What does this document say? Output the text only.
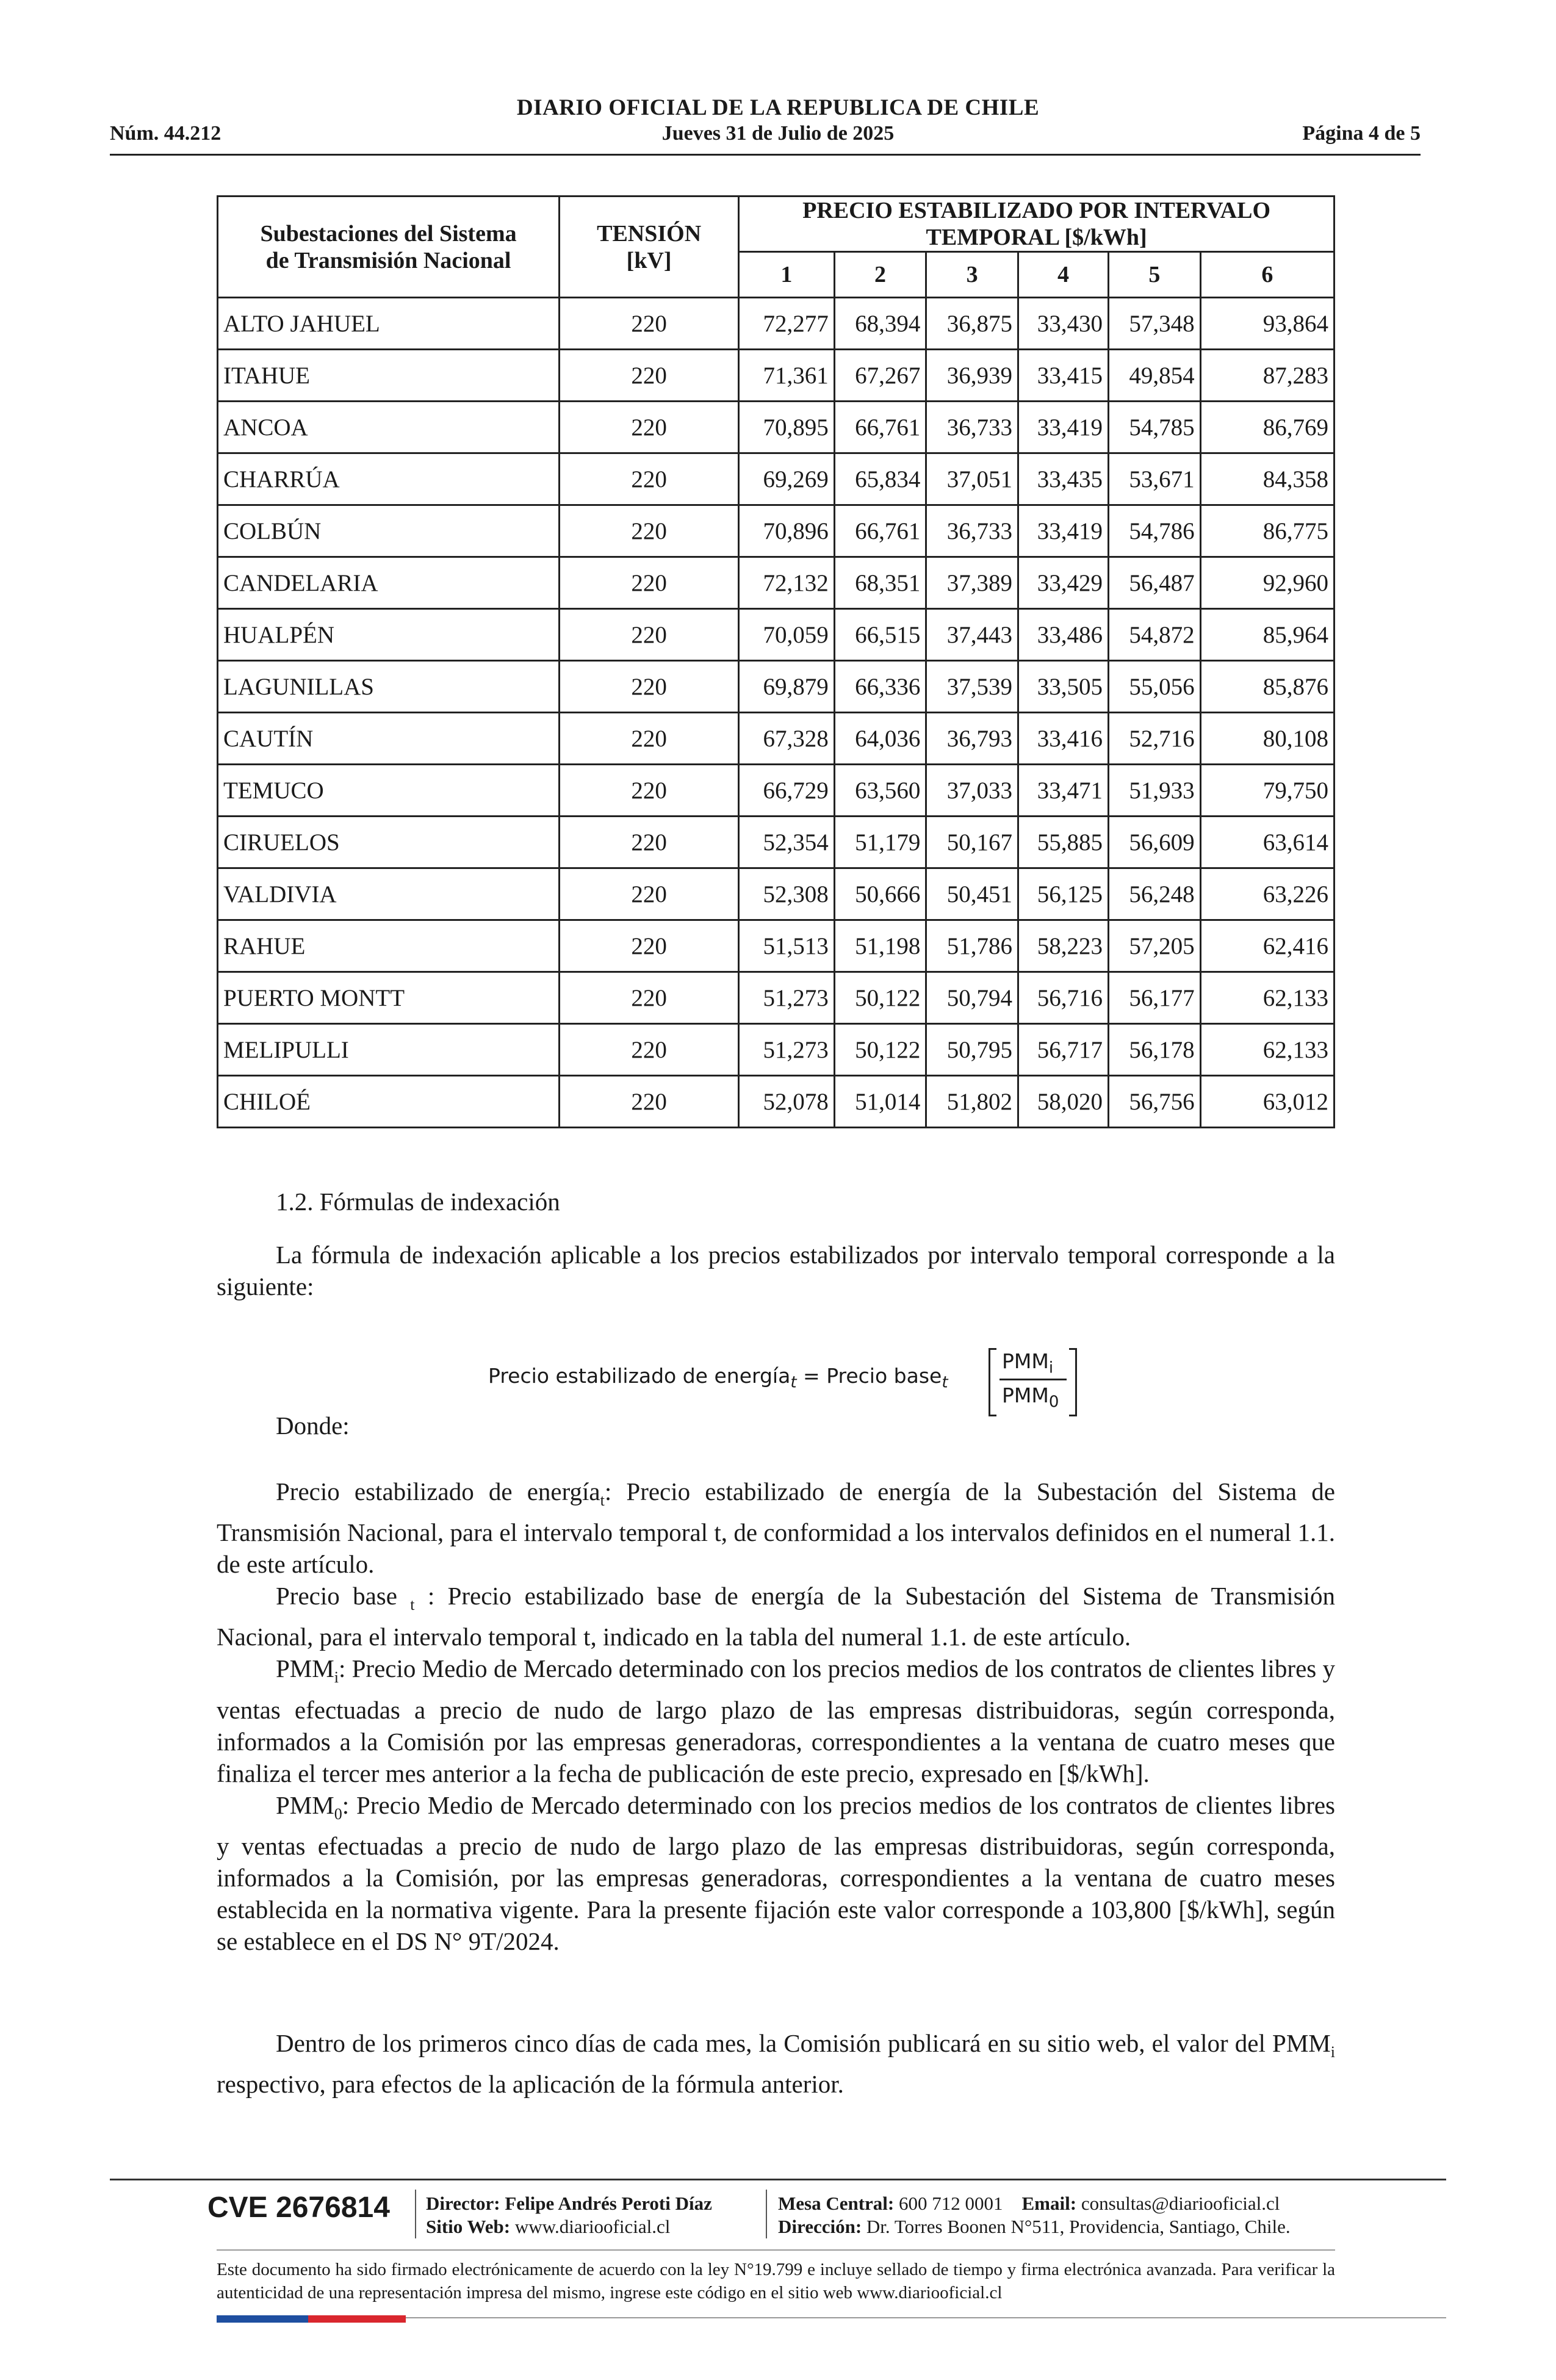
DIARIO OFICIAL DE LA REPUBLICA DE CHILE
Núm. 44.212	Jueves 31 de Julio de 2025	Página 4 de 5
Subestaciones del Sistema de Transmisión Nacional	TENSIÓN [kV]	PRECIO ESTABILIZADO POR INTERVALO TEMPORAL [$/kWh]					
		1	2	3	4	5	6
ALTO JAHUEL	220	72,277	68,394	36,875	33,430	57,348	93,864
ITAHUE	220	71,361	67,267	36,939	33,415	49,854	87,283
ANCOA	220	70,895	66,761	36,733	33,419	54,785	86,769
CHARRÚA	220	69,269	65,834	37,051	33,435	53,671	84,358
COLBÚN	220	70,896	66,761	36,733	33,419	54,786	86,775
CANDELARIA	220	72,132	68,351	37,389	33,429	56,487	92,960
HUALPÉN	220	70,059	66,515	37,443	33,486	54,872	85,964
LAGUNILLAS	220	69,879	66,336	37,539	33,505	55,056	85,876
CAUTÍN	220	67,328	64,036	36,793	33,416	52,716	80,108
TEMUCO	220	66,729	63,560	37,033	33,471	51,933	79,750
CIRUELOS	220	52,354	51,179	50,167	55,885	56,609	63,614
VALDIVIA	220	52,308	50,666	50,451	56,125	56,248	63,226
RAHUE	220	51,513	51,198	51,786	58,223	57,205	62,416
PUERTO MONTT	220	51,273	50,122	50,794	56,716	56,177	62,133
MELIPULLI	220	51,273	50,122	50,795	56,717	56,178	62,133
CHILOÉ	220	52,078	51,014	51,802	58,020	56,756	63,012
1.2. Fórmulas de indexación

La fórmula de indexación aplicable a los precios estabilizados por intervalo temporal corresponde a la siguiente:

Precio estabilizado de energía$_t$ = Precio base$_t$
$PMM_i$
$PMM_0$

Donde:

Precio estabilizado de energía$_t$: Precio estabilizado de energía de la Subestación del Sistema de Transmisión Nacional, para el intervalo temporal t, de conformidad a los intervalos definidos en el numeral 1.1. de este artículo.

Precio base $_t$ : Precio estabilizado base de energía de la Subestación del Sistema de Transmisión Nacional, para el intervalo temporal t, indicado en la tabla del numeral 1.1. de este artículo.

$PMM_i$: Precio Medio de Mercado determinado con los precios medios de los contratos de clientes libres y ventas efectuadas a precio de nudo de largo plazo de las empresas distribuidoras, según corresponda, informados a la Comisión por las empresas generadoras, correspondientes a la ventana de cuatro meses que finaliza el tercer mes anterior a la fecha de publicación de este precio, expresado en [$/kWh].

$PMM_0$: Precio Medio de Mercado determinado con los precios medios de los contratos de clientes libres y ventas efectuadas a precio de nudo de largo plazo de las empresas distribuidoras, según corresponda, informados a la Comisión, por las empresas generadoras, correspondientes a la ventana de cuatro meses establecida en la normativa vigente. Para la presente fijación este valor corresponde a 103,800 [$/kWh], según se establece en el DS N° 9T/2024.

Dentro de los primeros cinco días de cada mes, la Comisión publicará en su sitio web, el valor del $PMM_i$ respectivo, para efectos de la aplicación de la fórmula anterior.

CVE 2676814 Director: Felipe Andrés Peroti Díaz
Sitio Web: www.diariooficial.cl
Mesa Central: 600 712 0001 Email: consultas@diariooficial.cl
Dirección: Dr. Torres Boonen N°511, Providencia, Santiago, Chile.
Este documento ha sido firmado electrónicamente de acuerdo con la ley N°19.799 e incluye sellado de tiempo y firma electrónica avanzada. Para verificar la autenticidad de una representación impresa del mismo, ingrese este código en el sitio web www.diariooficial.cl
